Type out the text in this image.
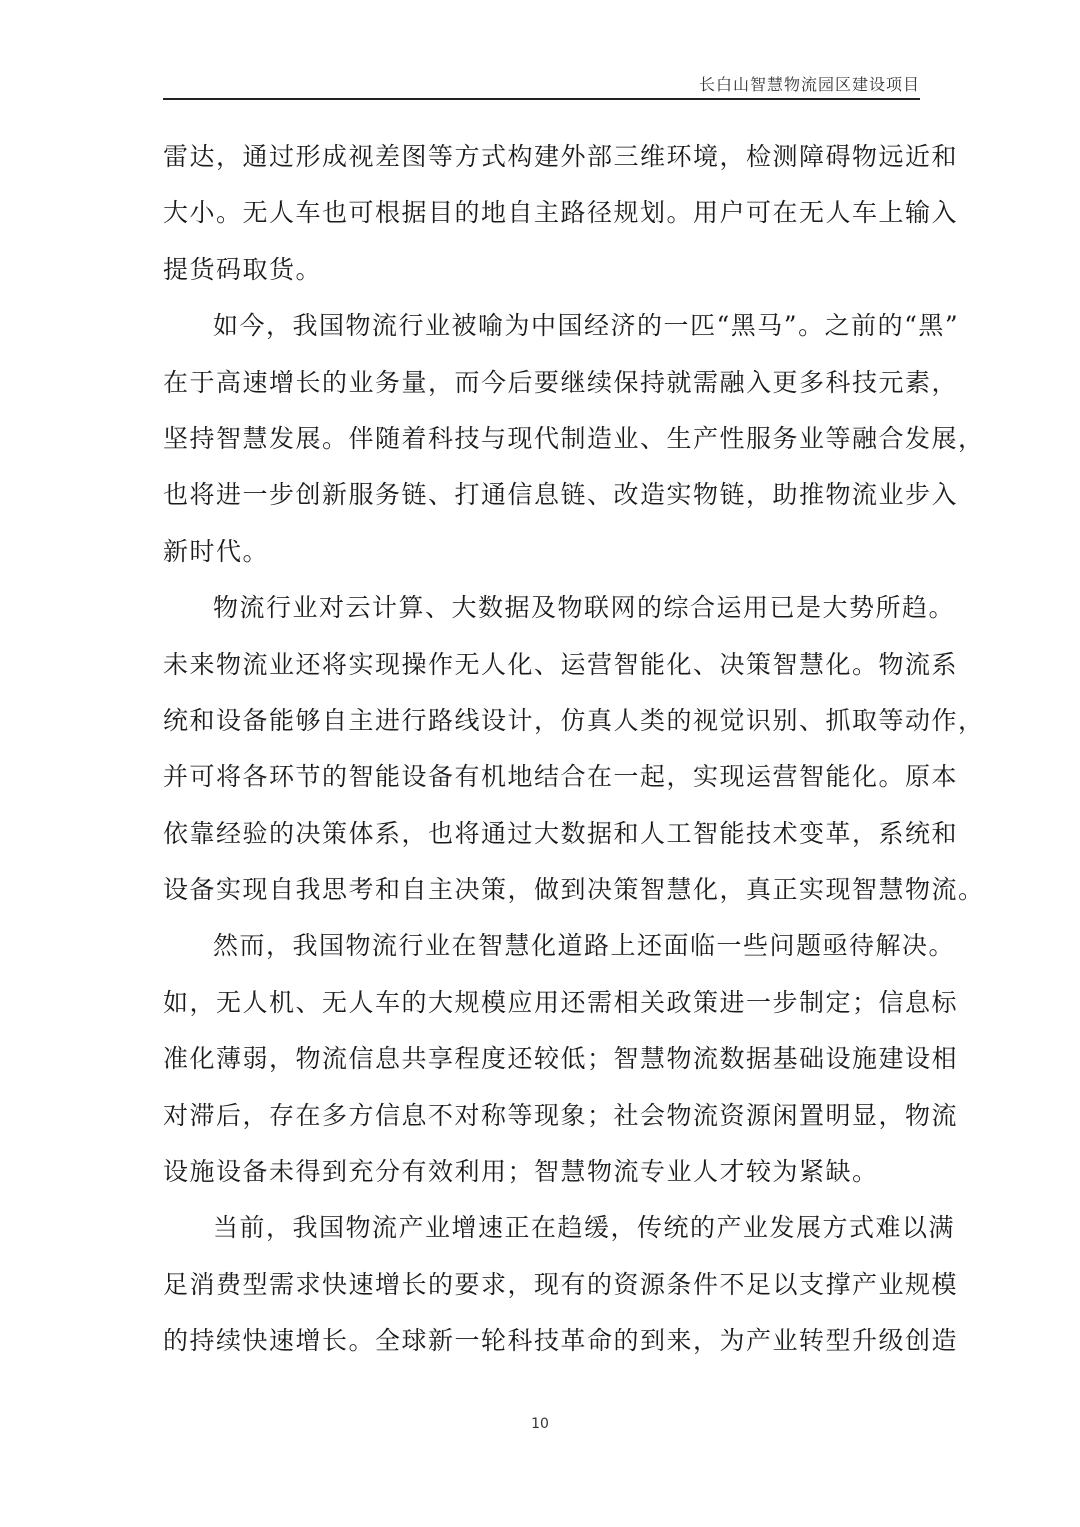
长白山智慧物流园区建设项目
雷达，通过形成视差图等方式构建外部三维环境，检测障碍物远近和
大小。无人车也可根据目的地自主路径规划。用户可在无人车上输入
提货码取货。
如今，我国物流行业被喻为中国经济的一匹“黑马”。之前的“黑”
在于高速增长的业务量，而今后要继续保持就需融入更多科技元素，
坚持智慧发展。伴随着科技与现代制造业、生产性服务业等融合发展，
也将进一步创新服务链、打通信息链、改造实物链，助推物流业步入
新时代。
物流行业对云计算、大数据及物联网的综合运用已是大势所趋。
未来物流业还将实现操作无人化、运营智能化、决策智慧化。物流系
统和设备能够自主进行路线设计，仿真人类的视觉识别、抓取等动作，
并可将各环节的智能设备有机地结合在一起，实现运营智能化。原本
依靠经验的决策体系，也将通过大数据和人工智能技术变革，系统和
设备实现自我思考和自主决策，做到决策智慧化，真正实现智慧物流。
然而，我国物流行业在智慧化道路上还面临一些问题亟待解决。
如，无人机、无人车的大规模应用还需相关政策进一步制定；信息标
准化薄弱，物流信息共享程度还较低；智慧物流数据基础设施建设相
对滞后，存在多方信息不对称等现象；社会物流资源闲置明显，物流
设施设备未得到充分有效利用；智慧物流专业人才较为紧缺。
当前，我国物流产业增速正在趋缓，传统的产业发展方式难以满
足消费型需求快速增长的要求，现有的资源条件不足以支撑产业规模
的持续快速增长。全球新一轮科技革命的到来，为产业转型升级创造
10
